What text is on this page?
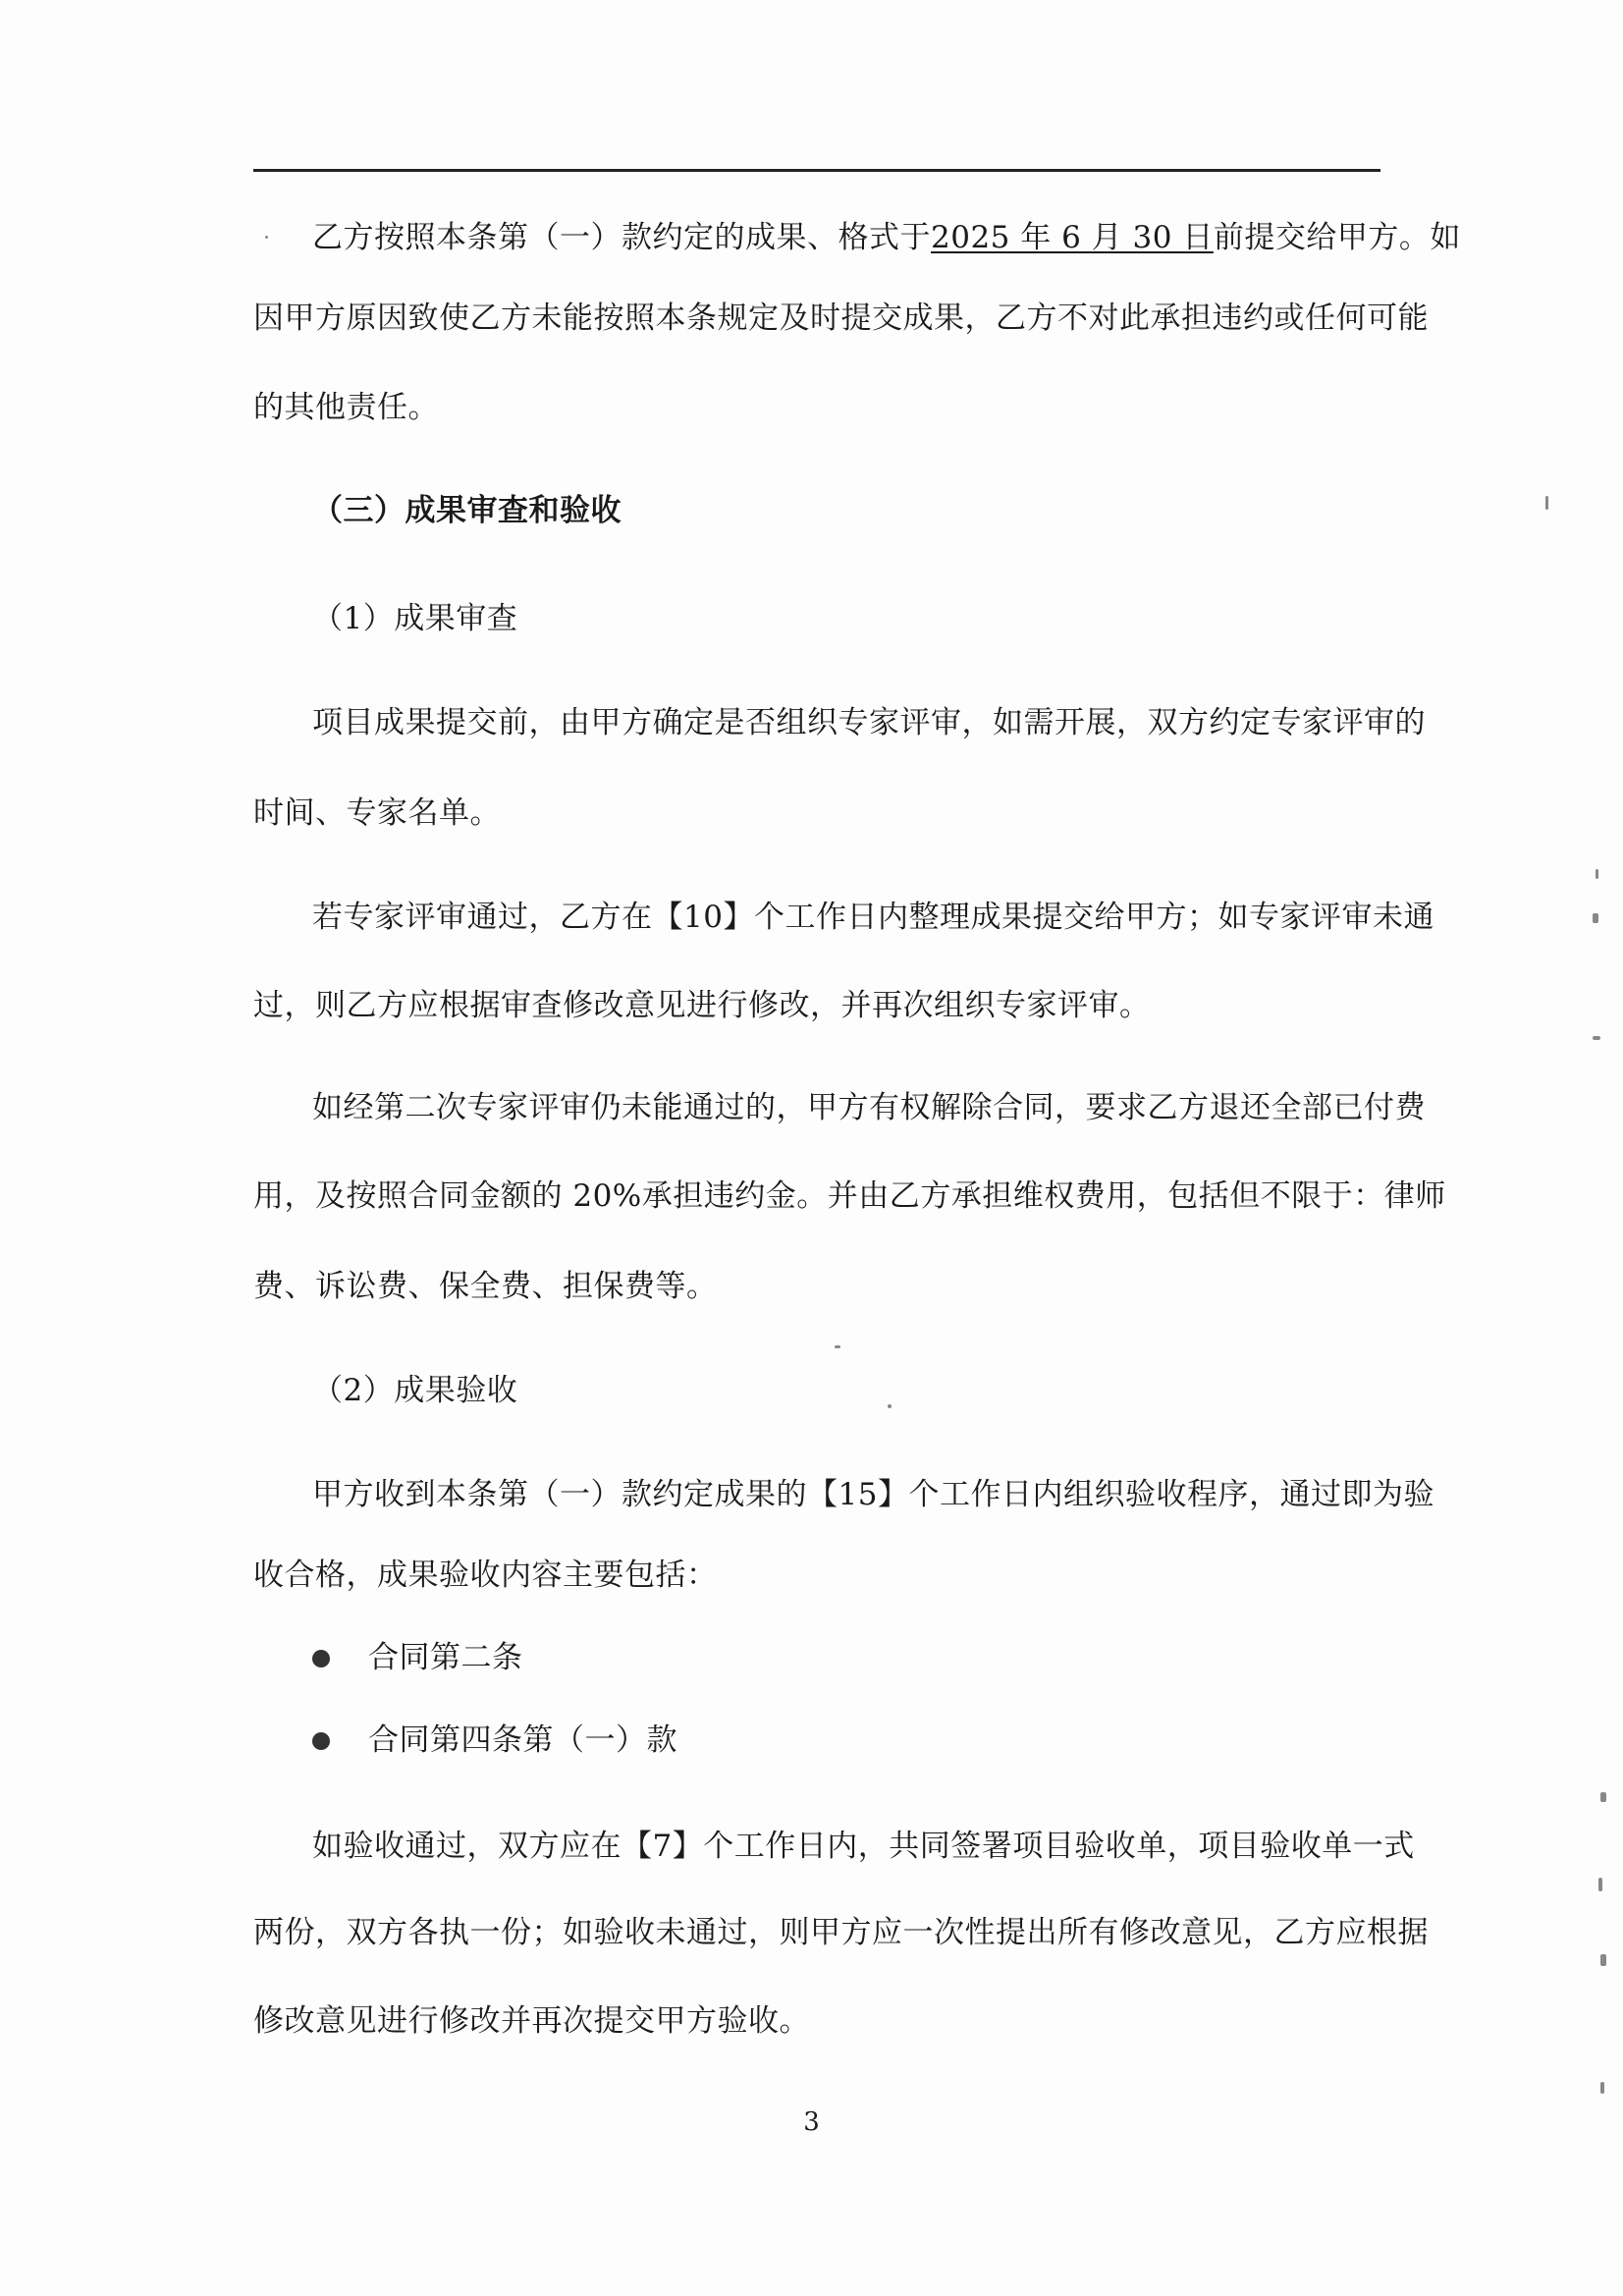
乙方按照本条第（一）款约定的成果、格式于2025 年 6 月 30 日前提交给甲方。如
因甲方原因致使乙方未能按照本条规定及时提交成果，乙方不对此承担违约或任何可能
的其他责任。
（三）成果审查和验收
（1）成果审查
项目成果提交前，由甲方确定是否组织专家评审，如需开展，双方约定专家评审的
时间、专家名单。
若专家评审通过，乙方在【10】个工作日内整理成果提交给甲方；如专家评审未通
过，则乙方应根据审查修改意见进行修改，并再次组织专家评审。
如经第二次专家评审仍未能通过的，甲方有权解除合同，要求乙方退还全部已付费
用，及按照合同金额的 20%承担违约金。并由乙方承担维权费用，包括但不限于：律师
费、诉讼费、保全费、担保费等。
（2）成果验收
甲方收到本条第（一）款约定成果的【15】个工作日内组织验收程序，通过即为验
收合格，成果验收内容主要包括：
合同第二条
合同第四条第（一）款
如验收通过，双方应在【7】个工作日内，共同签署项目验收单，项目验收单一式
两份，双方各执一份；如验收未通过，则甲方应一次性提出所有修改意见，乙方应根据
修改意见进行修改并再次提交甲方验收。
3
